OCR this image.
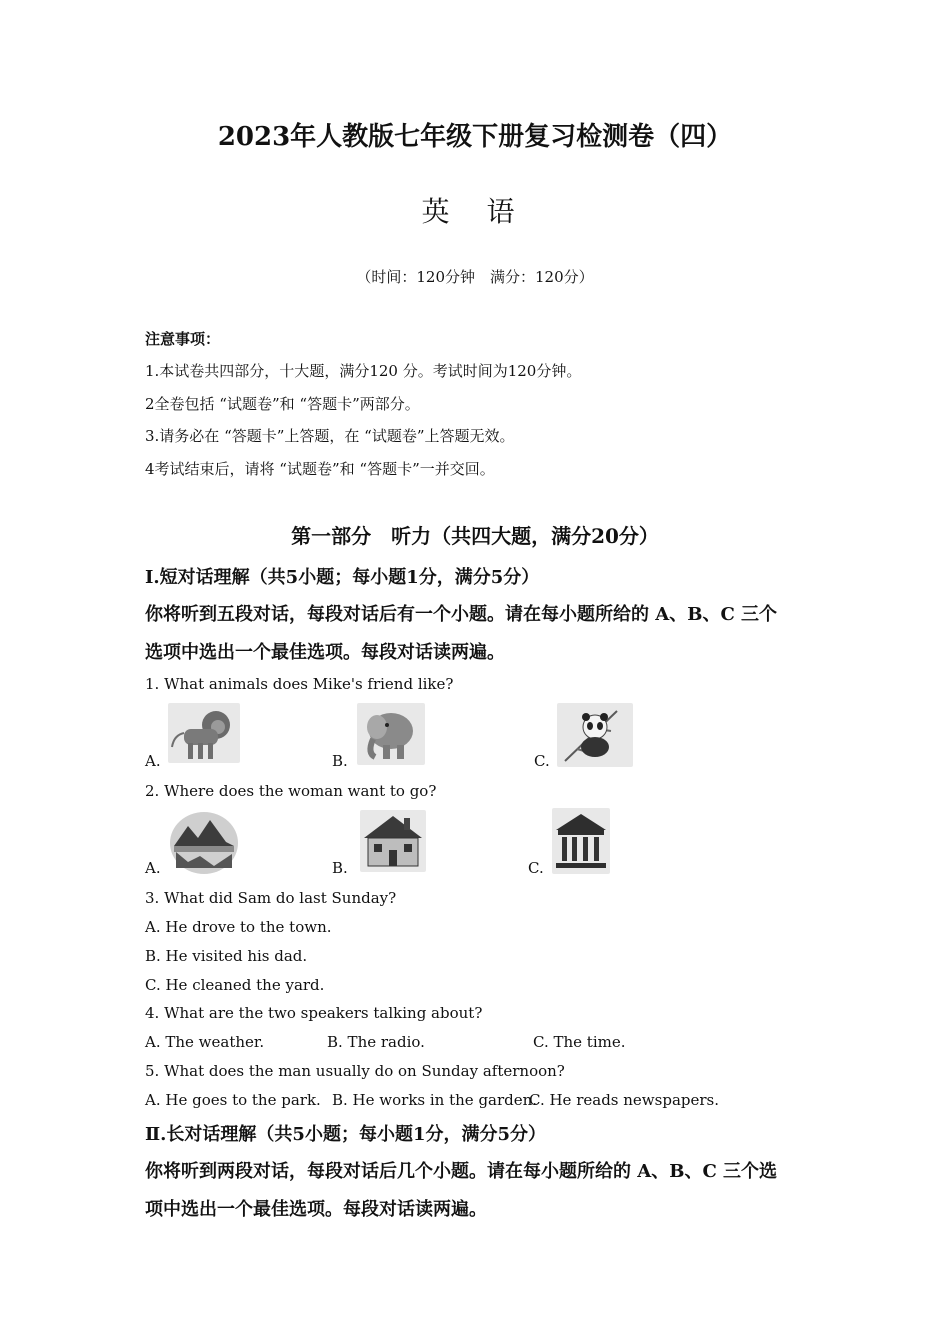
2023年人教版七年级下册复习检测卷（四）
英 语
（时间：120分钟　满分：120分）
注意事项：
1.本试卷共四部分，十大题，满分120 分。考试时间为120分钟。
2全卷包括 “试题卷”和 “答题卡”两部分。
3.请务必在 “答题卡”上答题，在 “试题卷”上答题无效。
4考试结束后，请将 “试题卷”和 “答题卡”一并交回。
第一部分　听力（共四大题，满分20分）
Ⅰ.短对话理解（共5小题；每小题1分，满分5分）
你将听到五段对话，每段对话后有一个小题。请在每小题所给的 A、B、C 三个
选项中选出一个最佳选项。每段对话读两遍。
1. What animals does Mike's friend like?
A.	B.	C.
2. Where does the woman want to go?
A.	B.	C.
3. What did Sam do last Sunday?
A. He drove to the town.
B. He visited his dad.
C. He cleaned the yard.
4. What are the two speakers talking about?
A. The weather.	B. The radio.	C. The time.
5. What does the man usually do on Sunday afternoon?
A. He goes to the park. B. He works in the garden.
C. He reads newspapers.
Ⅱ.长对话理解（共5小题；每小题1分，满分5分）
你将听到两段对话，每段对话后几个小题。请在每小题所给的 A、B、C 三个选
项中选出一个最佳选项。每段对话读两遍。
